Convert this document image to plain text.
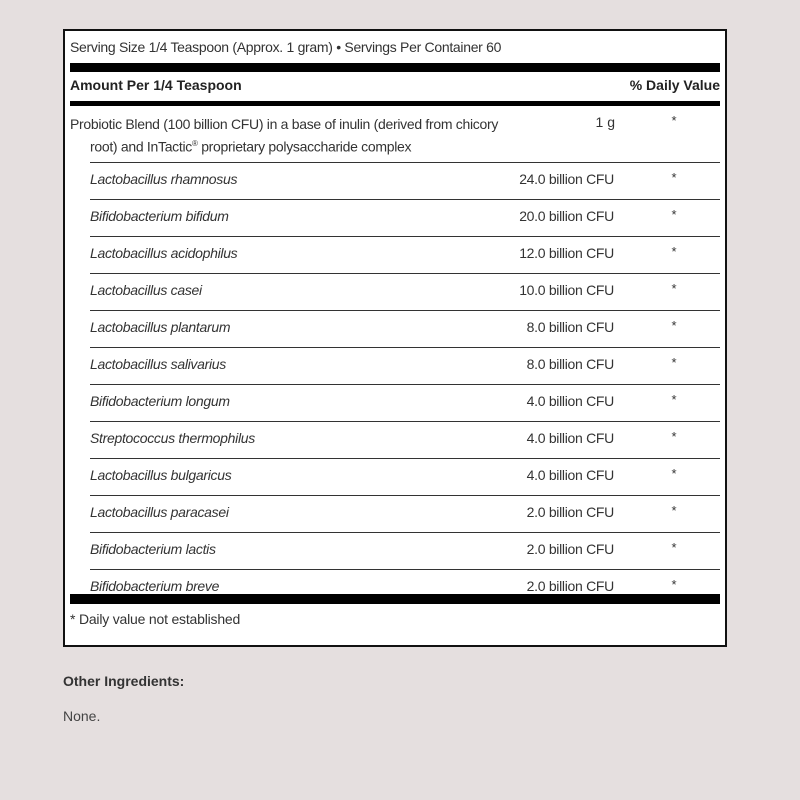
Serving Size 1/4 Teaspoon (Approx. 1 gram) • Servings Per Container 60
Amount Per 1/4 Teaspoon	% Daily Value
Probiotic Blend (100 billion CFU) in a base of inulin (derived from chicory
root) and InTactic® proprietary polysaccharide complex
1 g	*
Lactobacillus rhamnosus	24.0 billion CFU	*
Bifidobacterium bifidum	20.0 billion CFU	*
Lactobacillus acidophilus	12.0 billion CFU	*
Lactobacillus casei	10.0 billion CFU	*
Lactobacillus plantarum	8.0 billion CFU	*
Lactobacillus salivarius	8.0 billion CFU	*
Bifidobacterium longum	4.0 billion CFU	*
Streptococcus thermophilus	4.0 billion CFU	*
Lactobacillus bulgaricus	4.0 billion CFU	*
Lactobacillus paracasei	2.0 billion CFU	*
Bifidobacterium lactis	2.0 billion CFU	*
Bifidobacterium breve	2.0 billion CFU	*
* Daily value not established
Other Ingredients:
None.
